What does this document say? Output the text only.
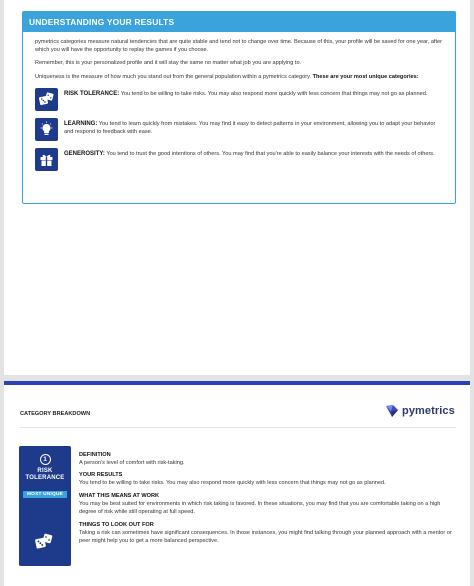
UNDERSTANDING YOUR RESULTS

pymetrics categories measure natural tendencies that are quite stable and tend not to change over time. Because of this, your profile will be saved for one year, after which you will have the opportunity to replay the games if you choose.

Remember, this is your personalized profile and it will stay the same no matter what job you are applying to.

Uniqueness is the measure of how much you stand out from the general population within a pymetrics category. These are your most unique categories:

RISK TOLERANCE: You tend to be willing to take risks. You may also respond more quickly with less concern that things may not go as planned.
LEARNING: You tend to learn quickly from mistakes. You may find it easy to detect patterns in your environment, allowing you to adapt your behavior and respond to feedback with ease.
GENEROSITY: You tend to trust the good intentions of others. You may find that you're able to easily balance your interests with the needs of others.
CATEGORY BREAKDOWN	pymetrics
1
RISK
TOLERANCE
MOST UNIQUE
DEFINITION
A person's level of comfort with risk-taking.
YOUR RESULTS
You tend to be willing to take risks. You may also respond more quickly with less concern that things may not go as planned.
WHAT THIS MEANS AT WORK
You may be best suited for environments in which risk taking is favored. In these situations, you may find that you are comfortable taking on a high degree of risk while still operating at full speed.
THINGS TO LOOK OUT FOR
Taking a risk can sometimes have significant consequences. In those instances, you might find talking through your planned approach with a mentor or peer might help you to get a more balanced perspective.
